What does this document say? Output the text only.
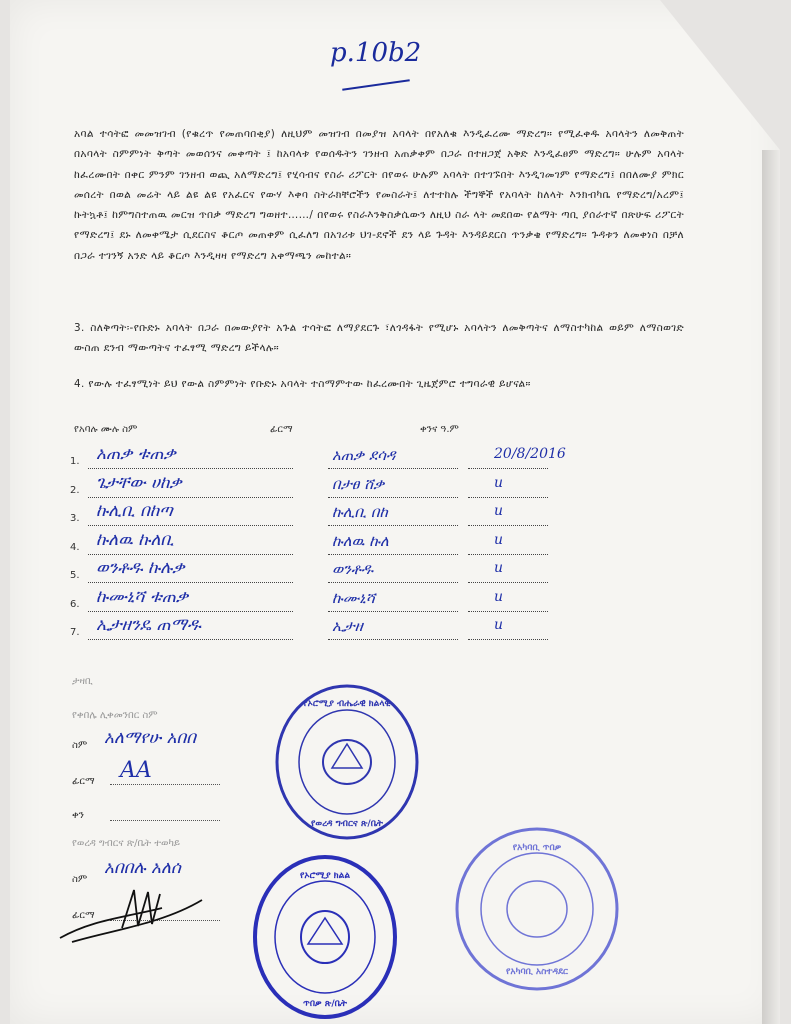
p.10b2
አባል ተሳትፎ መመዝገብ (የቁረጥ የመጠባበቂያ) ለዚህም መዝገብ በመያዝ አባላት በየአለቁ እንዲፈረሙ ማድረግ። የሚፈቀዱ አባላትን ለመቅጠት በአባላት ስምምነት ቅጣት መወሰንና መቀጣት ፤ ከአባላቱ የወሰዱትን ገንዘብ አጠቃቀም በጋራ በተዘጋጀ አቅድ እንዲፈፀም ማድረግ። ሁሉም አባላት ከፈረሙበት በቀር ምንም ገንዘብ ወጪ አለማድረግ፤ የሂሳብና የስራ ሪፖርት በየወሩ ሁሉም አባላት በተገኙበት እንዲገመገም የማድረግ፤ በበለሙያ ምክር መሰረት በወል መሬት ላይ ልዩ ልዩ የአፈርና የውሃ እቀባ ስትራክቸሮችን የመስራት፤ ለተተከሉ ችግኞች የአባላት ከለላት እንክብካቤ የማድረግ/አረም፤ ኩትኳቶ፤ ከምግስተጠዉ መርዝ ጥበቃ ማድረግ ግወዘተ……/ በየወሩ የስራእንቅስቃሴውን ለዚህ ስራ ላት መደበው የልማት ጣቢ ያሰራተኛ በጽሁፍ ሪፖርት የማድረግ፤ ደኑ ለመቀሜታ ሲደርስና ቆርጦ መጠቀም ሲፈለግ በአገሪቱ ህገ-ደኖች ደን ላይ ጉዳት እንዳይደርስ ጥንቃቄ የማድረግ። ጉዳቱን ለመቀነስ በቻለ በጋራ ተገንኝ አንድ ላይ ቆርጦ እንዲዛዛ የማድረግ አቀማጫን መከተል።
3. ስለቅጣት፡-የቡድኑ አባላት በጋራ በመውያየት አጉል ተሳትፎ ለማያደርጉ ፣ለጎዳፋት የሚሆኑ አባላትን ለመቅጣትና ለማስተካከል ወይም ለማስወገድ ውስጠ ደንብ ማውጣትና ተፈፃሚ ማድረግ ይችላሉ።
4. የውሉ ተፈፃሚነት ይህ የውል ስምምነት የቡድኑ አባላት ተስማምተው ከፈረሙበት ጊዜጀምሮ ተግባራዊ ይሆናል።
የአባሉ ሙሉ ስም	ፊርማ	ቀንና ዓ.ም
1. አጠቃ ቱጠቃ	አጠቃ ደሳዳ	20/8/2016
2. ጌታቸው ሀከቃ	በታፀ ሸቃ	u
3. ኩሊቢ በከጣ	ኩሊቢ በከ	u
4. ኩለዉ ኩለቢ	ኩለዉ ኩለ	u
5. ወንቶዱ ኩሉቃ	ወንቶዱ	u
6. ኩሙኒሻ ቱጠቃ	ኩሙኒሻ	u
7. ኢታዘንዴ ጠማዱ	ኢታዘ	u
ታዛቢ
የቀበሌ ሊቀመንበር ስም
ስም አለማየሁ አበበ
ፊርማ AA
ቀን
የወረዳ ግብርና ጽ/ቤት ተወካይ
ስም
አበበሉ አለሰ
ፊርማ
የኦሮሚያ ብሔራዊ ክልላዊ
የወረዳ ግብርና ጽ/ቤት
የኦሮሚያ ክልል
ጥበቃ ጽ/ቤት
የአካባቢ ጥበቃ
የአካባቢ አስተዳደር
